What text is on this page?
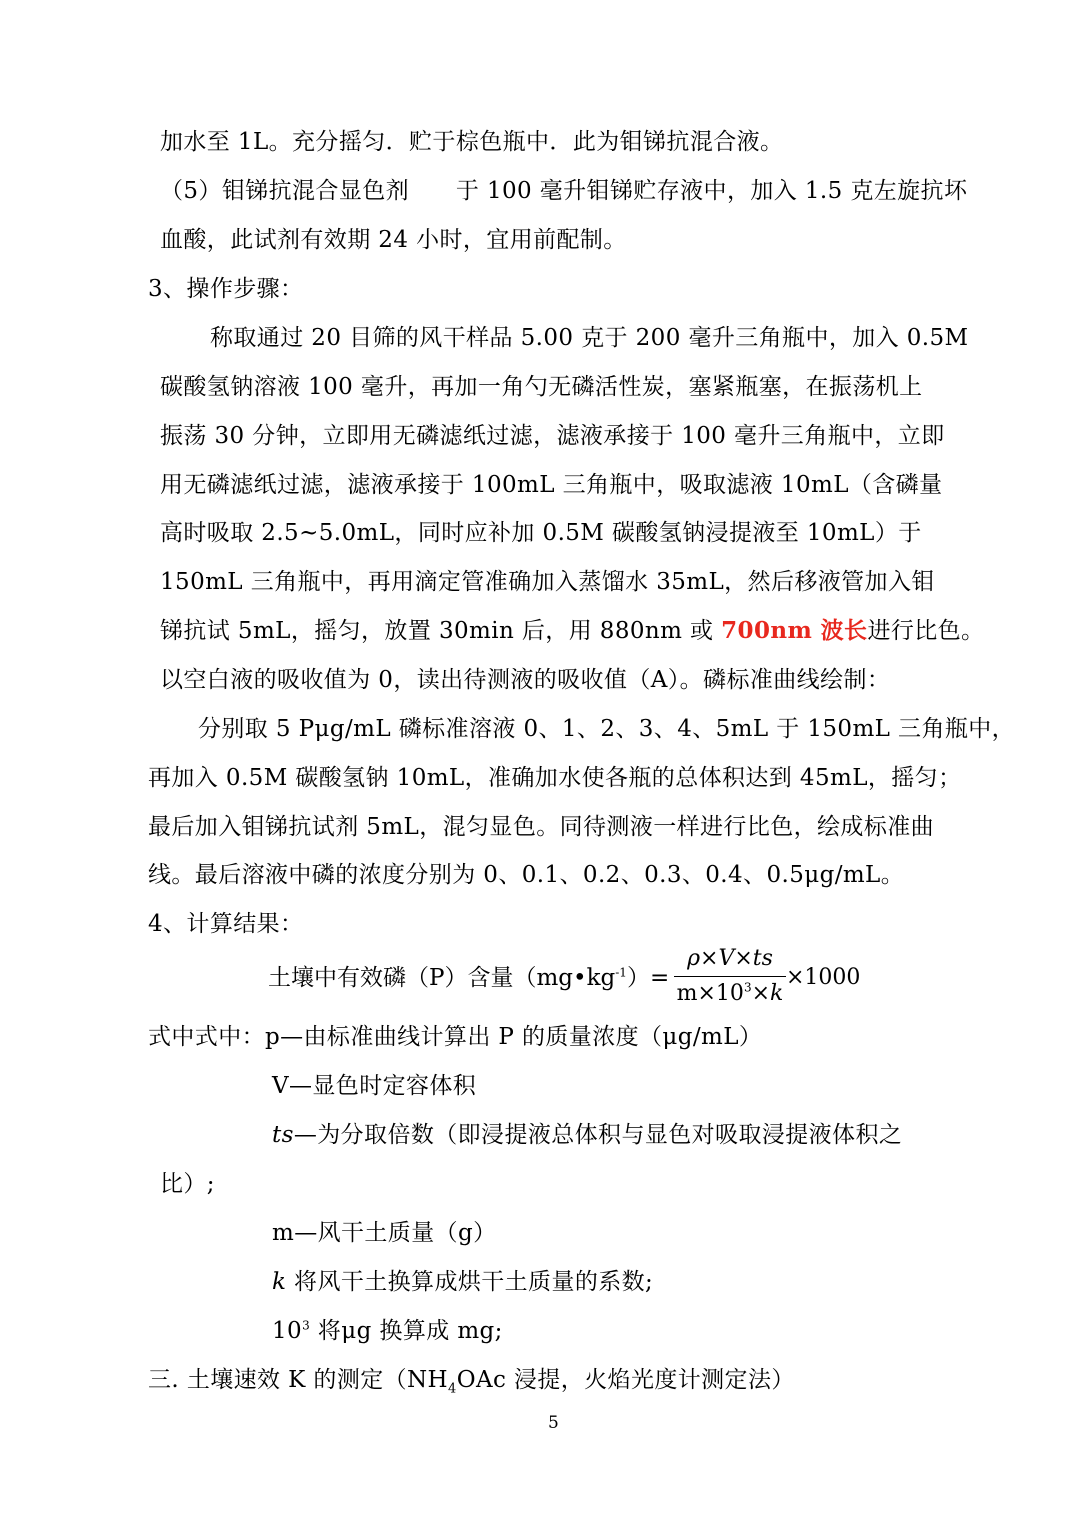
加水至 1L。充分摇匀．贮于棕色瓶中．此为钼锑抗混合液。
（5）钼锑抗混合显色剂　　于 100 毫升钼锑贮存液中，加入 1.5 克左旋抗坏
血酸，此试剂有效期 24 小时，宜用前配制。
3、操作步骤：
称取通过 20 目筛的风干样品 5.00 克于 200 毫升三角瓶中，加入 0.5M
碳酸氢钠溶液 100 毫升，再加一角勺无磷活性炭，塞紧瓶塞，在振荡机上
振荡 30 分钟，立即用无磷滤纸过滤，滤液承接于 100 毫升三角瓶中，立即
用无磷滤纸过滤，滤液承接于 100mL 三角瓶中，吸取滤液 10mL（含磷量
高时吸取 2.5~5.0mL，同时应补加 0.5M 碳酸氢钠浸提液至 10mL）于
150mL 三角瓶中，再用滴定管准确加入蒸馏水 35mL，然后移液管加入钼
锑抗试 5mL，摇匀，放置 30min 后，用 880nm 或 700nm 波长进行比色。
以空白液的吸收值为 0，读出待测液的吸收值（A）。磷标准曲线绘制：
分别取 5 Pμg/mL 磷标准溶液 0、1、2、3、4、5mL 于 150mL 三角瓶中，
再加入 0.5M 碳酸氢钠 10mL，准确加水使各瓶的总体积达到 45mL，摇匀；
最后加入钼锑抗试剂 5mL，混匀显色。同待测液一样进行比色，绘成标准曲
线。最后溶液中磷的浓度分别为 0、0.1、0.2、0.3、0.4、0.5μg/mL。
4、计算结果：
土壤中有效磷（P）含量$(mg•kg^{-1})=$
ρ×V×ts
$m\times 10^3\times k$
×1000
式中式中：p—由标准曲线计算出 P 的质量浓度（μg/mL）
V—显色时定容体积
ts—为分取倍数（即浸提液总体积与显色对吸取浸提液体积之
比）;
m—风干土质量（g）
k 将风干土换算成烘干土质量的系数;
$10^3$ 将μg 换算成 mg;
三. 土壤速效 K 的测定（$NH_4OAc$ 浸提，火焰光度计测定法）
5
